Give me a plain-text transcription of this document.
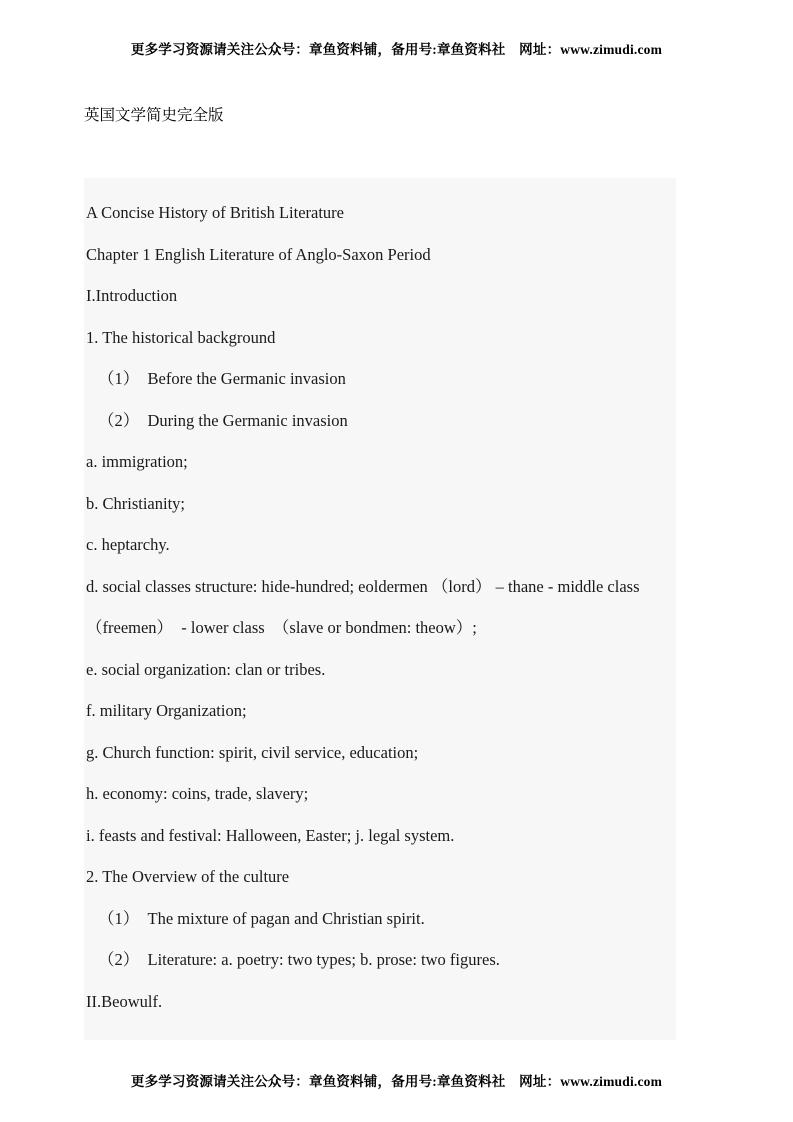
更多学习资源请关注公众号：章鱼资料铺，备用号:章鱼资料社　网址：www.zimudi.com
英国文学简史完全版
A Concise History of British Literature
Chapter 1 English Literature of Anglo-Saxon Period
I.Introduction
1. The historical background
（1）　Before the Germanic invasion
（2）　During the Germanic invasion
a. immigration;
b. Christianity;
c. heptarchy.
d. social classes structure: hide-hundred; eoldermen （lord） – thane - middle class　（freemen）　- lower class　（slave or bondmen: theow）;
e. social organization: clan or tribes.
f. military Organization;
g. Church function: spirit, civil service, education;
h. economy: coins, trade, slavery;
i. feasts and festival: Halloween, Easter; j. legal system.
2. The Overview of the culture
（1）　The mixture of pagan and Christian spirit.
（2）　Literature: a. poetry: two types; b. prose: two figures.
II.Beowulf.
更多学习资源请关注公众号：章鱼资料铺，备用号:章鱼资料社　网址：www.zimudi.com
